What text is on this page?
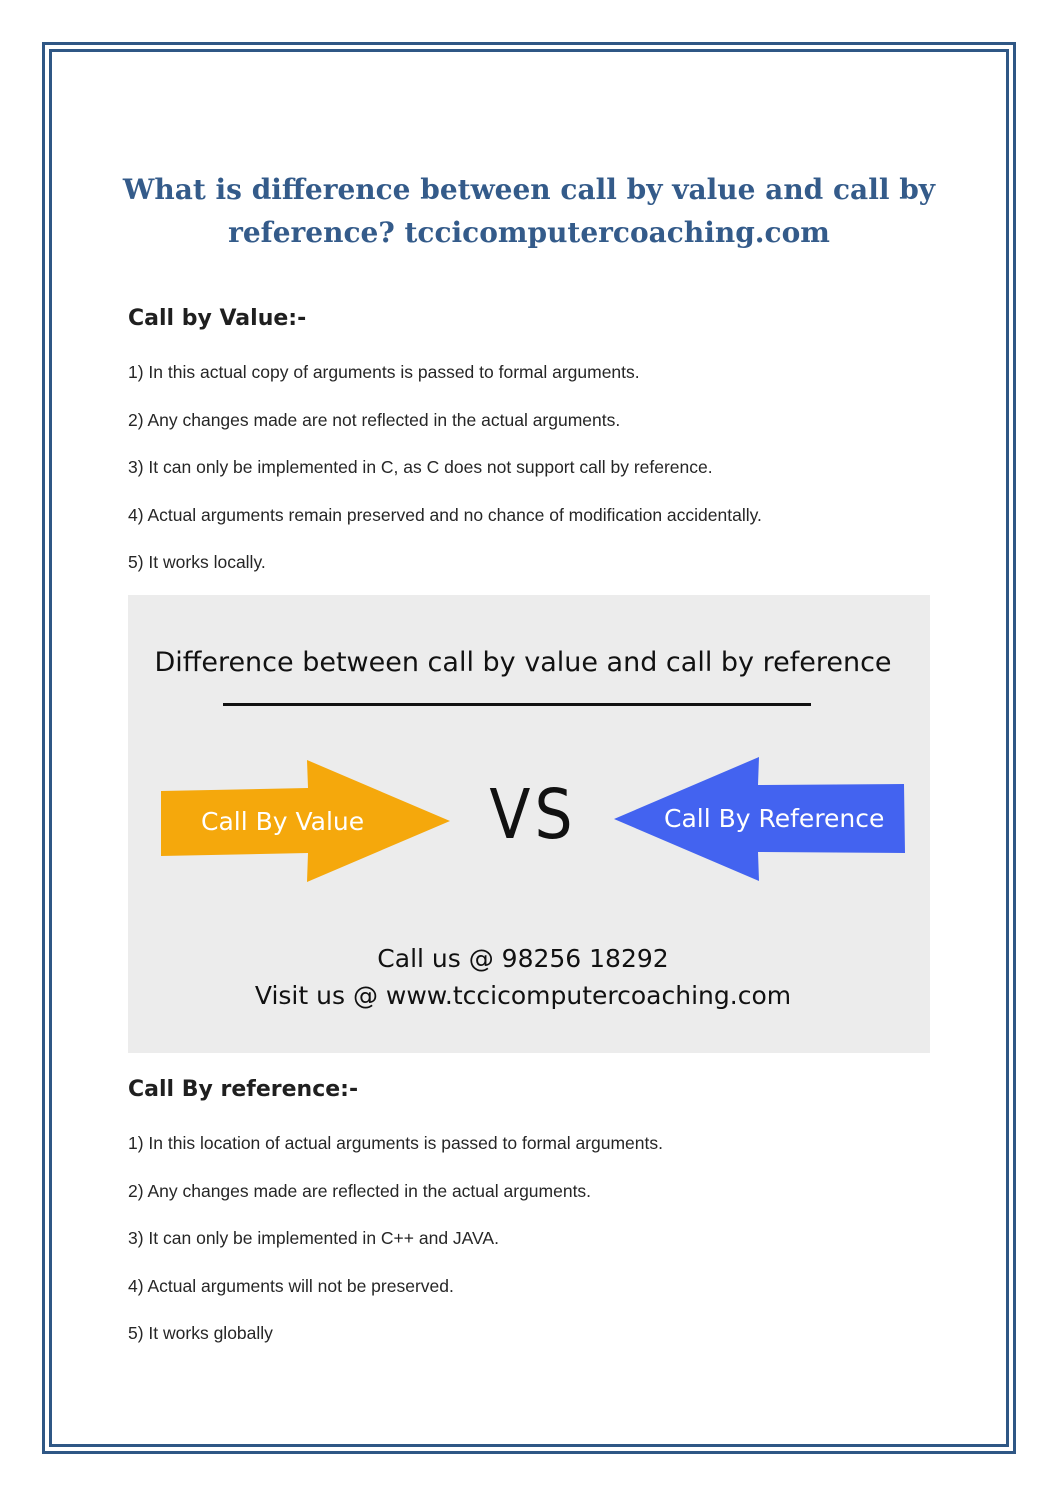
What is difference between call by value and call by reference? tccicomputercoaching.com
Call by Value:-
1) In this actual copy of arguments is passed to formal arguments.
2) Any changes made are not reflected in the actual arguments.
3) It can only be implemented in C, as C does not support call by reference.
4) Actual arguments remain preserved and no chance of modification accidentally.
5) It works locally.

Difference between call by value and call by reference

Call By Value VS	Call By Reference

Call us @ 98256 18292

Visit us @ www.tccicomputercoaching.com

Call By reference:-
1) In this location of actual arguments is passed to formal arguments.
2) Any changes made are reflected in the actual arguments.
3) It can only be implemented in C++ and JAVA.
4) Actual arguments will not be preserved.
5) It works globally
